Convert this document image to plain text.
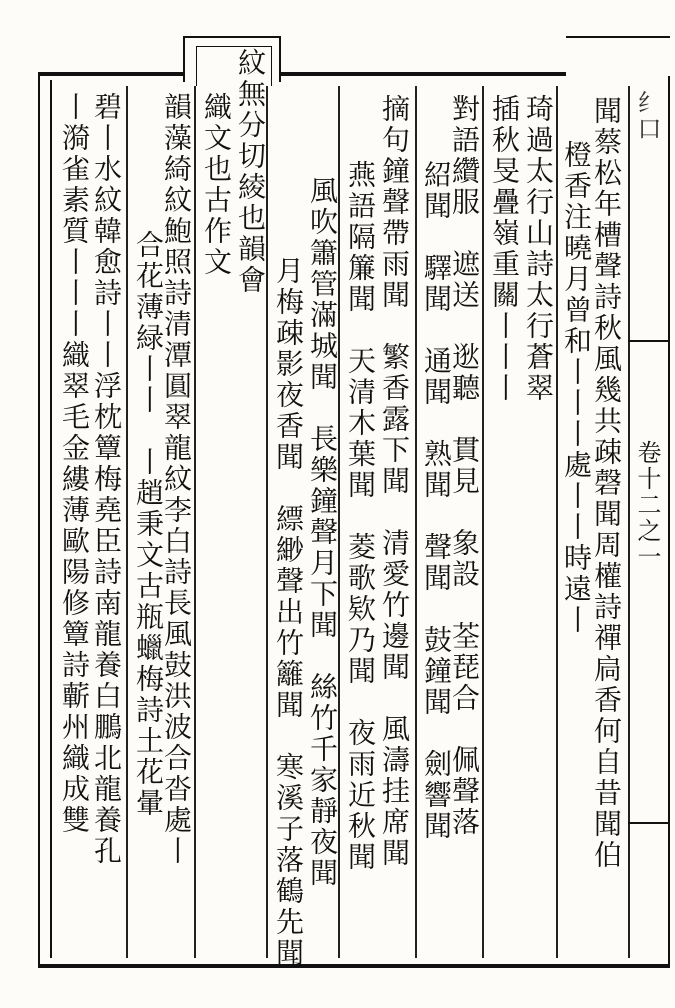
纟口
卷十二之一
聞蔡松年槽聲詩秋風幾共疎磬聞周權詩禪扃香何自昔聞伯
橙香注曉月曾和丨丨丨處丨丨時遠丨
琦過太行山詩太行蒼翠
插秋旻疊嶺重關丨丨丨
對語纘服　遮送　逖聽　貫見　象設　荃琵合　佩聲落
紹聞　驛聞　通聞　熟聞　聲聞　鼓鐘聞　劍響聞
摘句鐘聲帶雨聞　繁香露下聞　清愛竹邊聞　風濤挂席聞
燕語隔簾聞　天清木葉聞　菱歌欵乃聞　夜雨近秋聞
風吹簫管滿城聞　長樂鐘聲月下聞　絲竹千家靜夜聞
月梅疎影夜香聞　縹緲聲出竹籬聞　寒溪子落鶴先聞
紋無分切綾也韻會
織文也古作文
韻藻綺紋鮑照詩清潭圓翠龍紋李白詩長風鼓洪波合沓處丨
合花薄緑丨丨　丨趙秉文古瓶蠟梅詩土花暈
碧丨水紋韓愈詩丨丨浮枕簟梅堯臣詩南龍養白鵬北龍養孔
丨漪雀素質丨丨丨織翠毛金縷薄歐陽修簟詩蘄州織成雙
